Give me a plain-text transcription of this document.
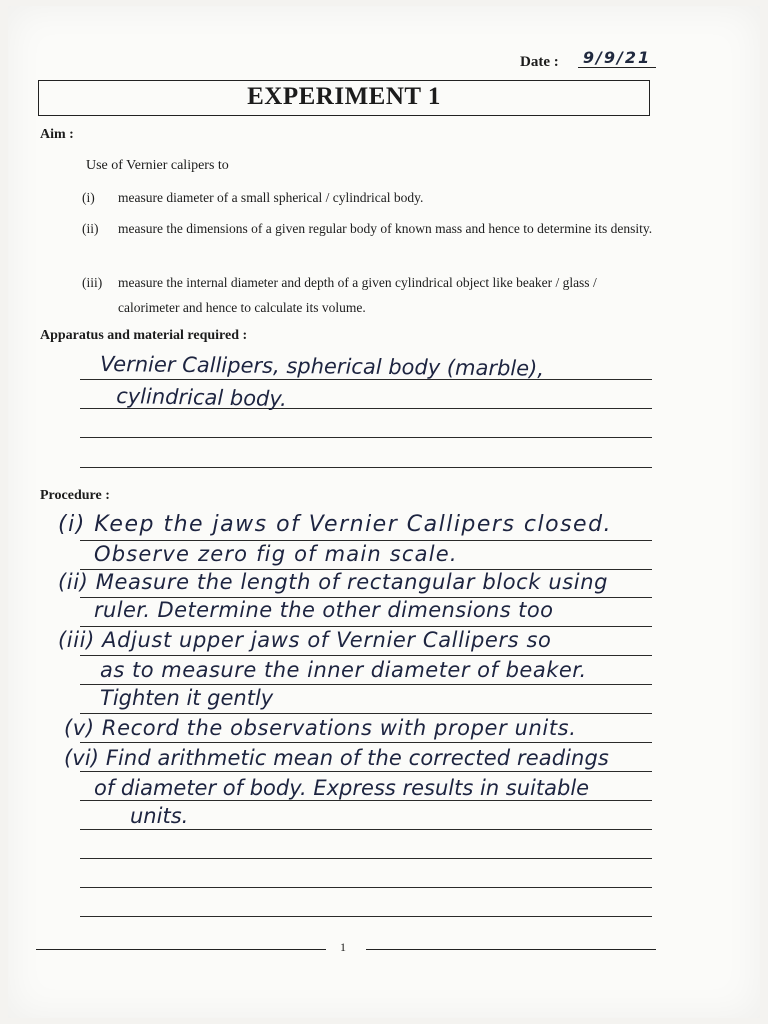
Date :	9/9/21
EXPERIMENT 1
Aim :
Use of Vernier calipers to
(i) measure diameter of a small spherical / cylindrical body.
(ii) measure the dimensions of a given regular body of known mass and hence to determine its density.
(iii) measure the internal diameter and depth of a given cylindrical object like beaker / glass / calorimeter and hence to calculate its volume.
Apparatus and material required :
Vernier Callipers, spherical body (marble),
cylindrical body.
Procedure :
(i) Keep the jaws of Vernier Callipers closed.
Observe zero fig of main scale.
(ii) Measure the length of rectangular block using
ruler. Determine the other dimensions too
(iii) Adjust upper jaws of Vernier Callipers so
as to measure the inner diameter of beaker.
Tighten it gently
(v) Record the observations with proper units.
(vi) Find arithmetic mean of the corrected readings
of diameter of body. Express results in suitable
units.
1
